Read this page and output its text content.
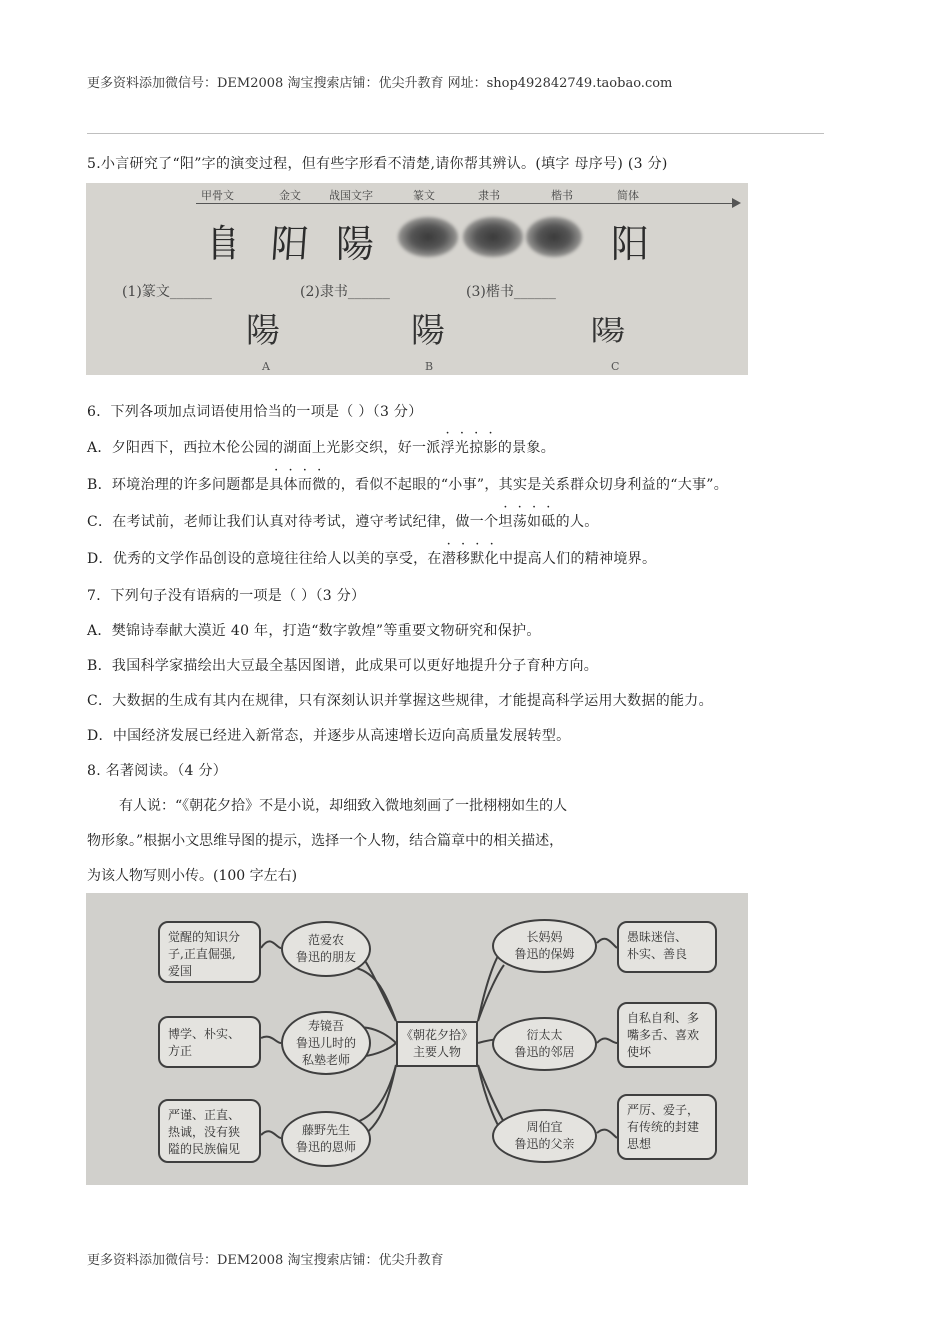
更多资料添加微信号：DEM2008 淘宝搜索店铺：优尖升教育 网址：shop492842749.taobao.com
5.小言研究了“阳”字的演变过程，但有些字形看不清楚,请你帮其辨认。(填字 母序号) (3 分)
甲骨文	金文	战国文字	篆文	隶书	楷书	简体
𨸏 阳 陽	阳
(1)篆文______	(2)隶书______	(3)楷书______
陽	陽	陽
A	B	C
6．下列各项加点词语使用恰当的一项是（ ）（3 分）
A．夕阳西下，西拉木伦公园的湖面上光影交织，好一派浮光掠影的景象。
B．环境治理的许多问题都是具体而微的，看似不起眼的“小事”，其实是关系群众切身利益的“大事”。
C．在考试前，老师让我们认真对待考试，遵守考试纪律，做一个坦荡如砥的人。
D．优秀的文学作品创设的意境往往给人以美的享受，在潜移默化中提高人们的精神境界。
7．下列句子没有语病的一项是（ ）（3 分）
A．樊锦诗奉献大漠近 40 年，打造“数字敦煌”等重要文物研究和保护。
B．我国科学家描绘出大豆最全基因图谱，此成果可以更好地提升分子育种方向。
C．大数据的生成有其内在规律，只有深刻认识并掌握这些规律，才能提高科学运用大数据的能力。
D．中国经济发展已经进入新常态，并逐步从高速增长迈向高质量发展转型。
8. 名著阅读。（4 分）
有人说：“《朝花夕拾》不是小说，却细致入微地刻画了一批栩栩如生的人
物形象。”根据小文思维导图的提示，选择一个人物，结合篇章中的相关描述，
为该人物写则小传。(100 字左右)
《朝花夕拾》
主要人物
范爱农
鲁迅的朋友
寿镜吾
鲁迅儿时的
私塾老师
藤野先生
鲁迅的恩师
觉醒的知识分
子,正直倔强,
爱国
博学、朴实、
方正
严谨、正直、
热诚，没有狭
隘的民族偏见
长妈妈
鲁迅的保姆
衍太太
鲁迅的邻居
周伯宜
鲁迅的父亲
愚昧迷信、
朴实、善良
自私自利、多
嘴多舌、喜欢
使坏
严厉、爱子，
有传统的封建
思想
更多资料添加微信号：DEM2008 淘宝搜索店铺：优尖升教育
